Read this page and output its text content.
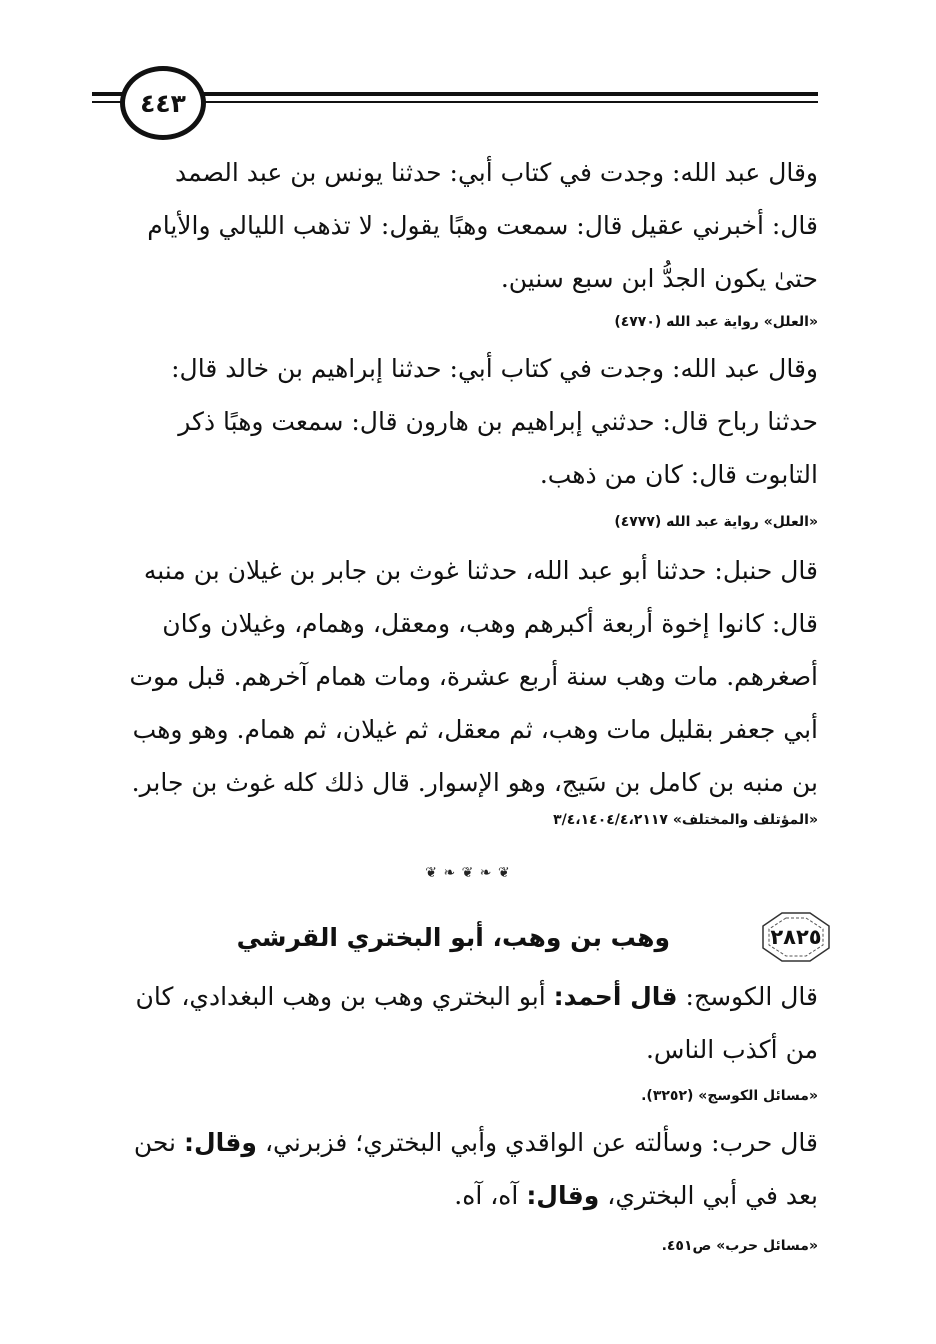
٤٤٣
وقال عبد الله: وجدت في كتاب أبي: حدثنا يونس بن عبد الصمد
قال: أخبرني عقيل قال: سمعت وهبًا يقول: لا تذهب الليالي والأيام
حتىٰ يكون الجدُّ ابن سبع سنين.
«العلل» رواية عبد الله (٤٧٧٠)
وقال عبد الله: وجدت في كتاب أبي: حدثنا إبراهيم بن خالد قال:
حدثنا رباح قال: حدثني إبراهيم بن هارون قال: سمعت وهبًا ذكر
التابوت قال: كان من ذهب.
«العلل» رواية عبد الله (٤٧٧٧)
قال حنبل: حدثنا أبو عبد الله، حدثنا غوث بن جابر بن غيلان بن منبه
قال: كانوا إخوة أربعة أكبرهم وهب، ومعقل، وهمام، وغيلان وكان
أصغرهم. مات وهب سنة أربع عشرة، ومات همام آخرهم. قبل موت
أبي جعفر بقليل مات وهب، ثم معقل، ثم غيلان، ثم همام. وهو وهب
بن منبه بن كامل بن سَيج، وهو الإسوار. قال ذلك كله غوث بن جابر.
«المؤتلف والمختلف» ٣/٤،١٤٠٤/٤،٢١١٧
❦ ❧ ❦ ❧ ❦
٢٨٢٥
وهب بن وهب، أبو البختري القرشي
قال الكوسج: قال أحمد: أبو البختري وهب بن وهب البغدادي، كان
من أكذب الناس.
«مسائل الكوسج» (٣٢٥٢).
قال حرب: وسألته عن الواقدي وأبي البختري؛ فزبرني، وقال: نحن
بعد في أبي البختري، وقال: آه، آه.
«مسائل حرب» ص٤٥١.
